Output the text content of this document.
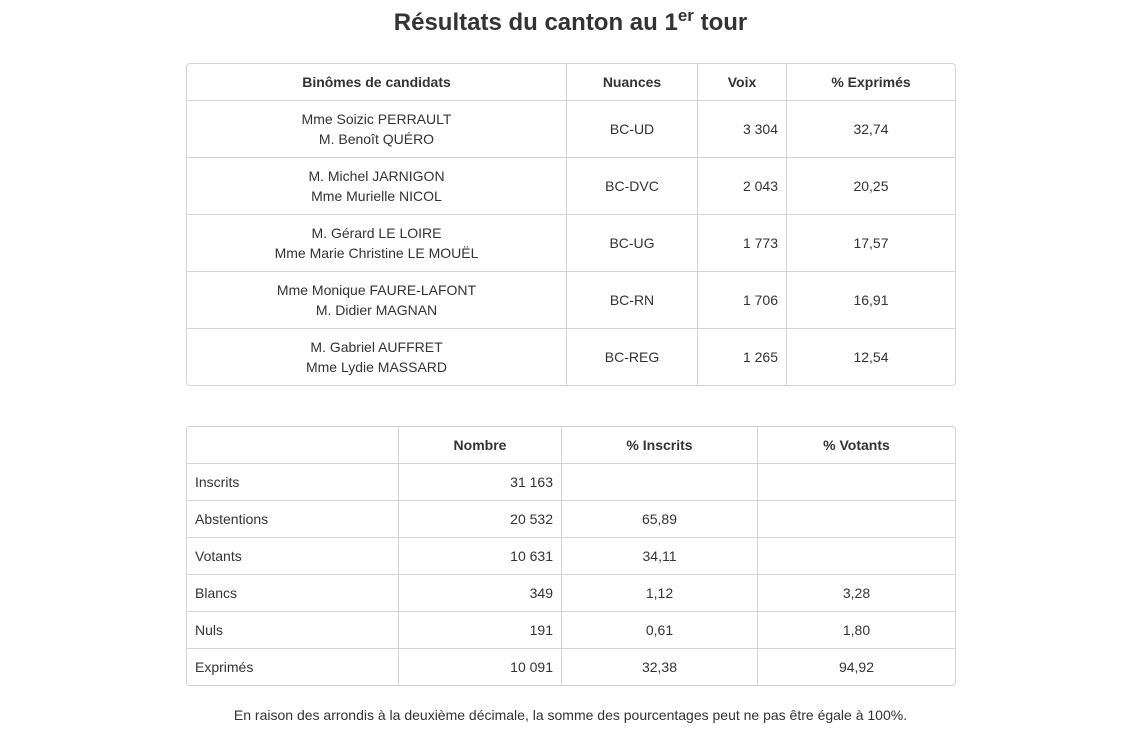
Résultats du canton au 1er tour
Binômes de candidats	Nuances	Voix	% Exprimés
Mme Soizic PERRAULT
M. Benoît QUÉRO	BC-UD	3 304	32,74
M. Michel JARNIGON
Mme Murielle NICOL	BC-DVC	2 043	20,25
M. Gérard LE LOIRE
Mme Marie Christine LE MOUËL	BC-UG	1 773	17,57
Mme Monique FAURE-LAFONT
M. Didier MAGNAN	BC-RN	1 706	16,91
M. Gabriel AUFFRET
Mme Lydie MASSARD	BC-REG	1 265	12,54
	Nombre	% Inscrits	% Votants
Inscrits	31 163		
Abstentions	20 532	65,89	
Votants	10 631	34,11	
Blancs	349	1,12	3,28
Nuls	191	0,61	1,80
Exprimés	10 091	32,38	94,92

En raison des arrondis à la deuxième décimale, la somme des pourcentages peut ne pas être égale à 100%.
